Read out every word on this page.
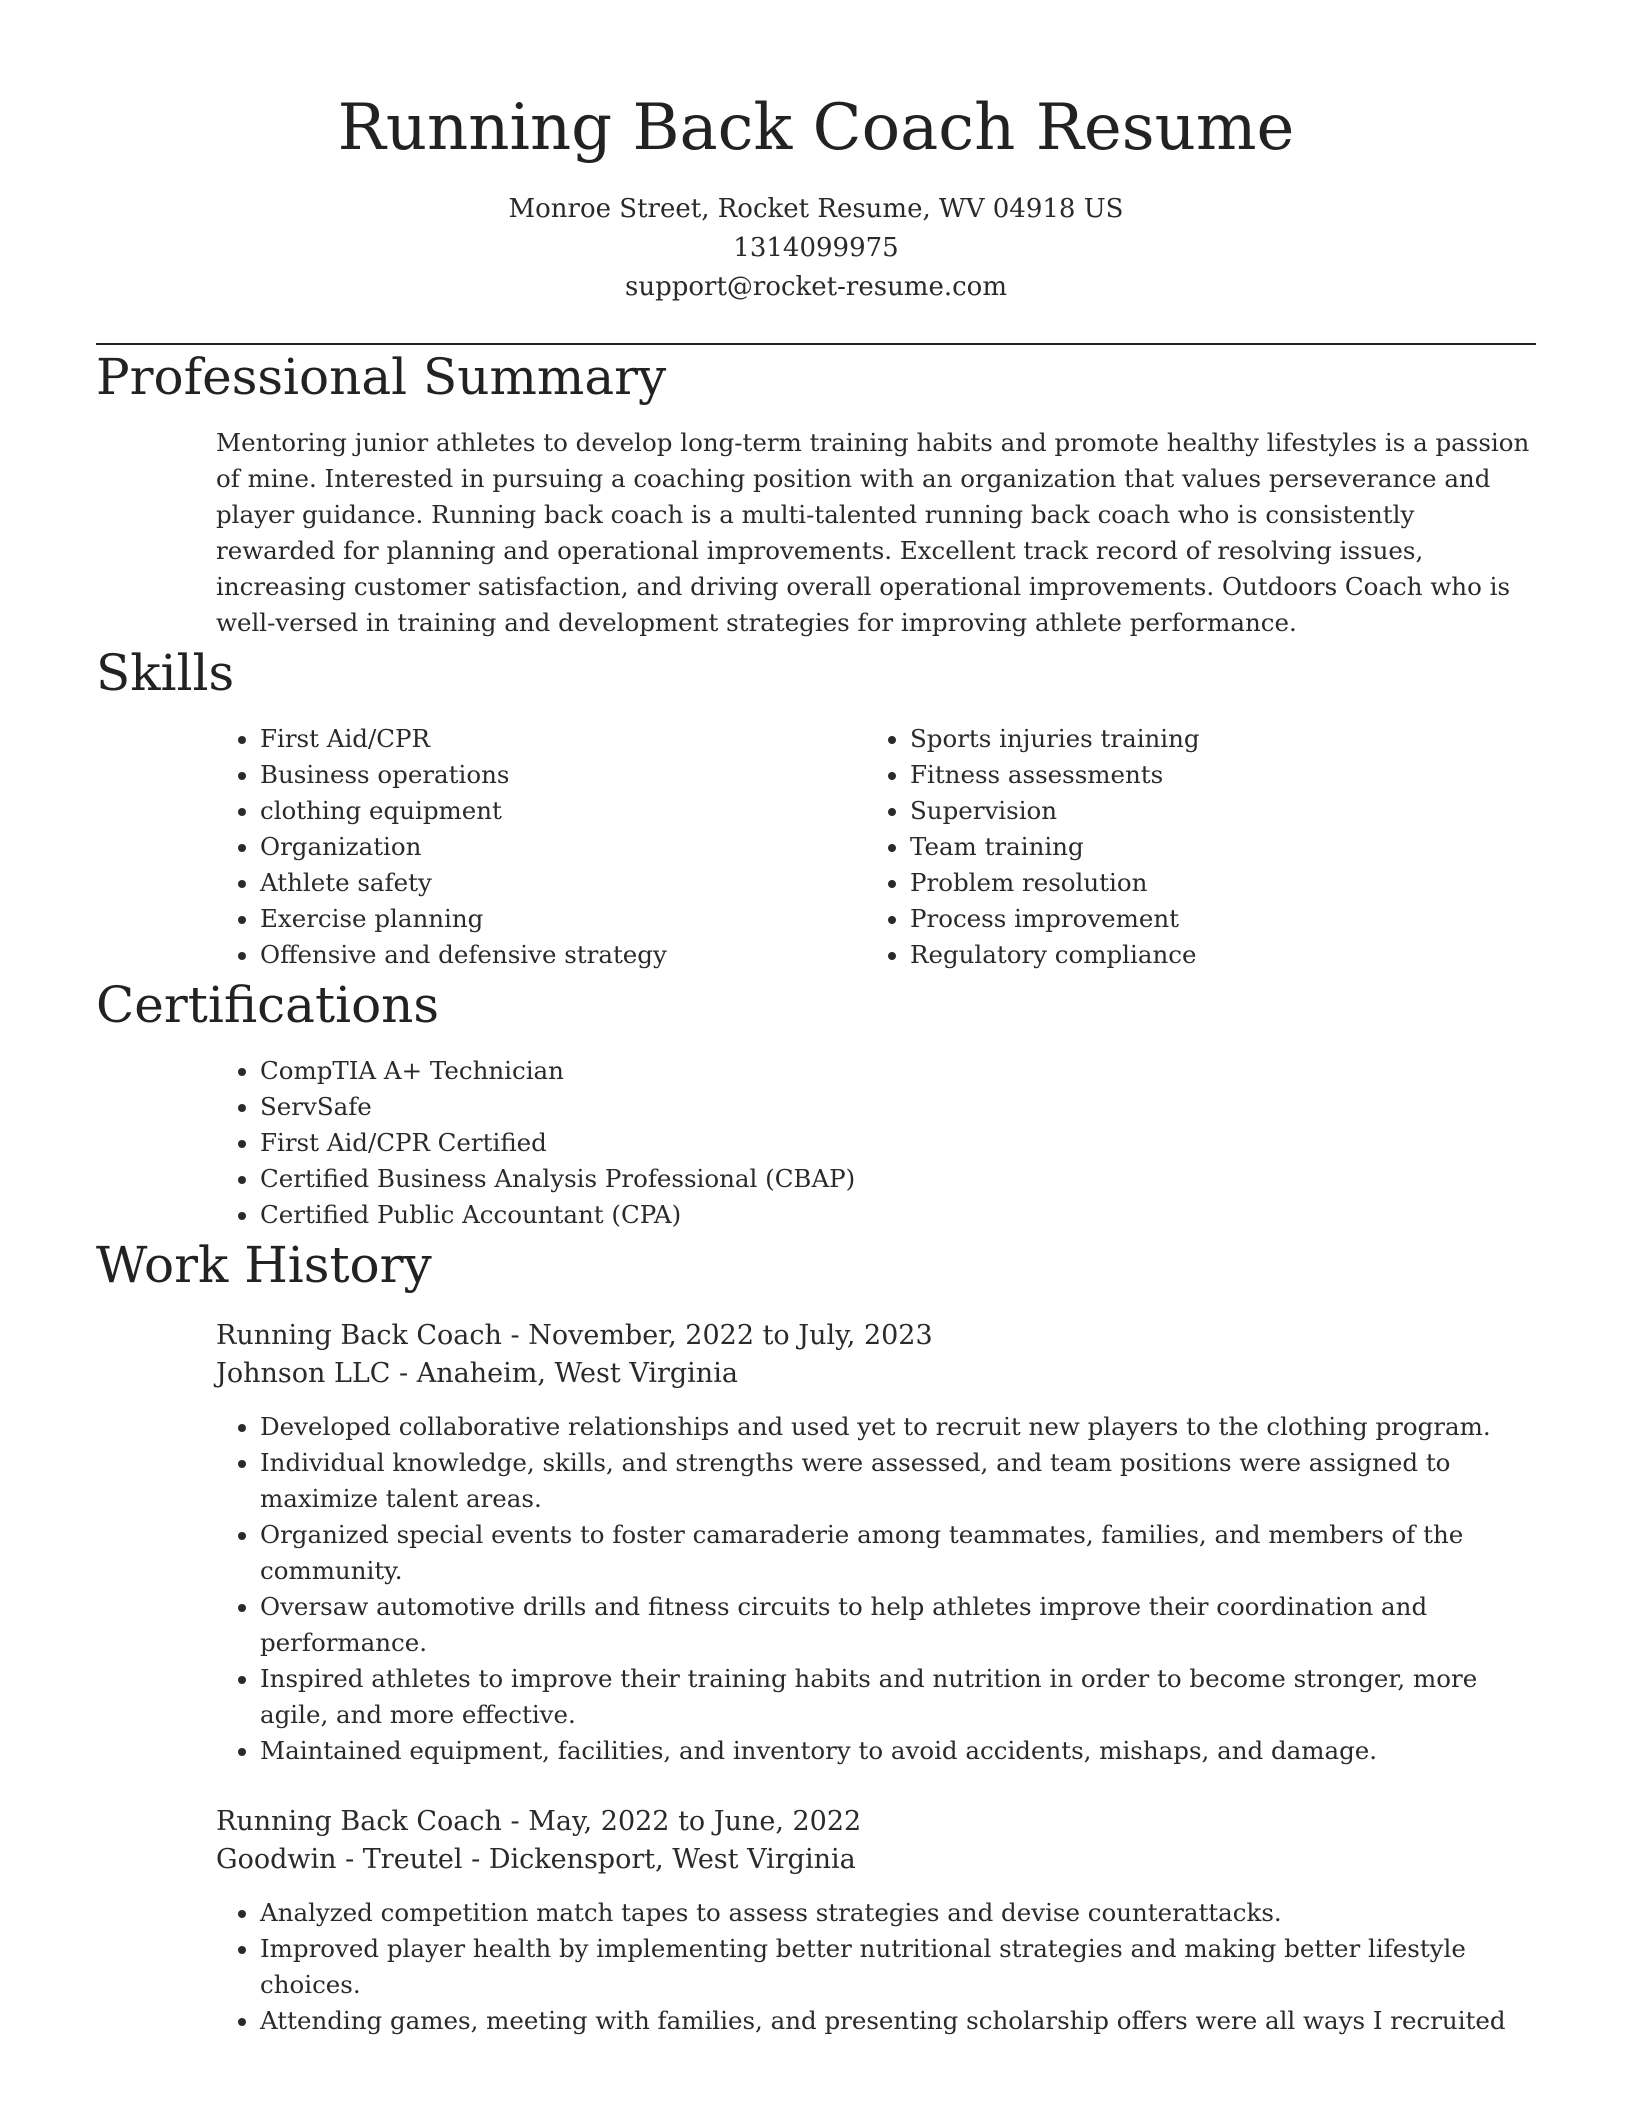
Running Back Coach Resume
Monroe Street, Rocket Resume, WV 04918 US
1314099975
support@rocket-resume.com
Professional Summary

Mentoring junior athletes to develop long-term training habits and promote healthy lifestyles is a passion of mine. Interested in pursuing a coaching position with an organization that values perseverance and player guidance. Running back coach is a multi-talented running back coach who is consistently rewarded for planning and operational improvements. Excellent track record of resolving issues, increasing customer satisfaction, and driving overall operational improvements. Outdoors Coach who is well-versed in training and development strategies for improving athlete performance.

Skills
• First Aid/CPR
• Business operations
• clothing equipment
• Organization
• Athlete safety
• Exercise planning
• Offensive and defensive strategy
• Sports injuries training
• Fitness assessments
• Supervision
• Team training
• Problem resolution
• Process improvement
• Regulatory compliance
Certifications
• CompTIA A+ Technician
• ServSafe
• First Aid/CPR Certified
• Certified Business Analysis Professional (CBAP)
• Certified Public Accountant (CPA)
Work History
Running Back Coach - November, 2022 to July, 2023
Johnson LLC - Anaheim, West Virginia
• Developed collaborative relationships and used yet to recruit new players to the clothing program.
• Individual knowledge, skills, and strengths were assessed, and team positions were assigned to maximize talent areas.
• Organized special events to foster camaraderie among teammates, families, and members of the community.
• Oversaw automotive drills and fitness circuits to help athletes improve their coordination and performance.
• Inspired athletes to improve their training habits and nutrition in order to become stronger, more agile, and more effective.
• Maintained equipment, facilities, and inventory to avoid accidents, mishaps, and damage.
Running Back Coach - May, 2022 to June, 2022
Goodwin - Treutel - Dickensport, West Virginia
• Analyzed competition match tapes to assess strategies and devise counterattacks.
• Improved player health by implementing better nutritional strategies and making better lifestyle choices.
• Attending games, meeting with families, and presenting scholarship offers were all ways I recruited
